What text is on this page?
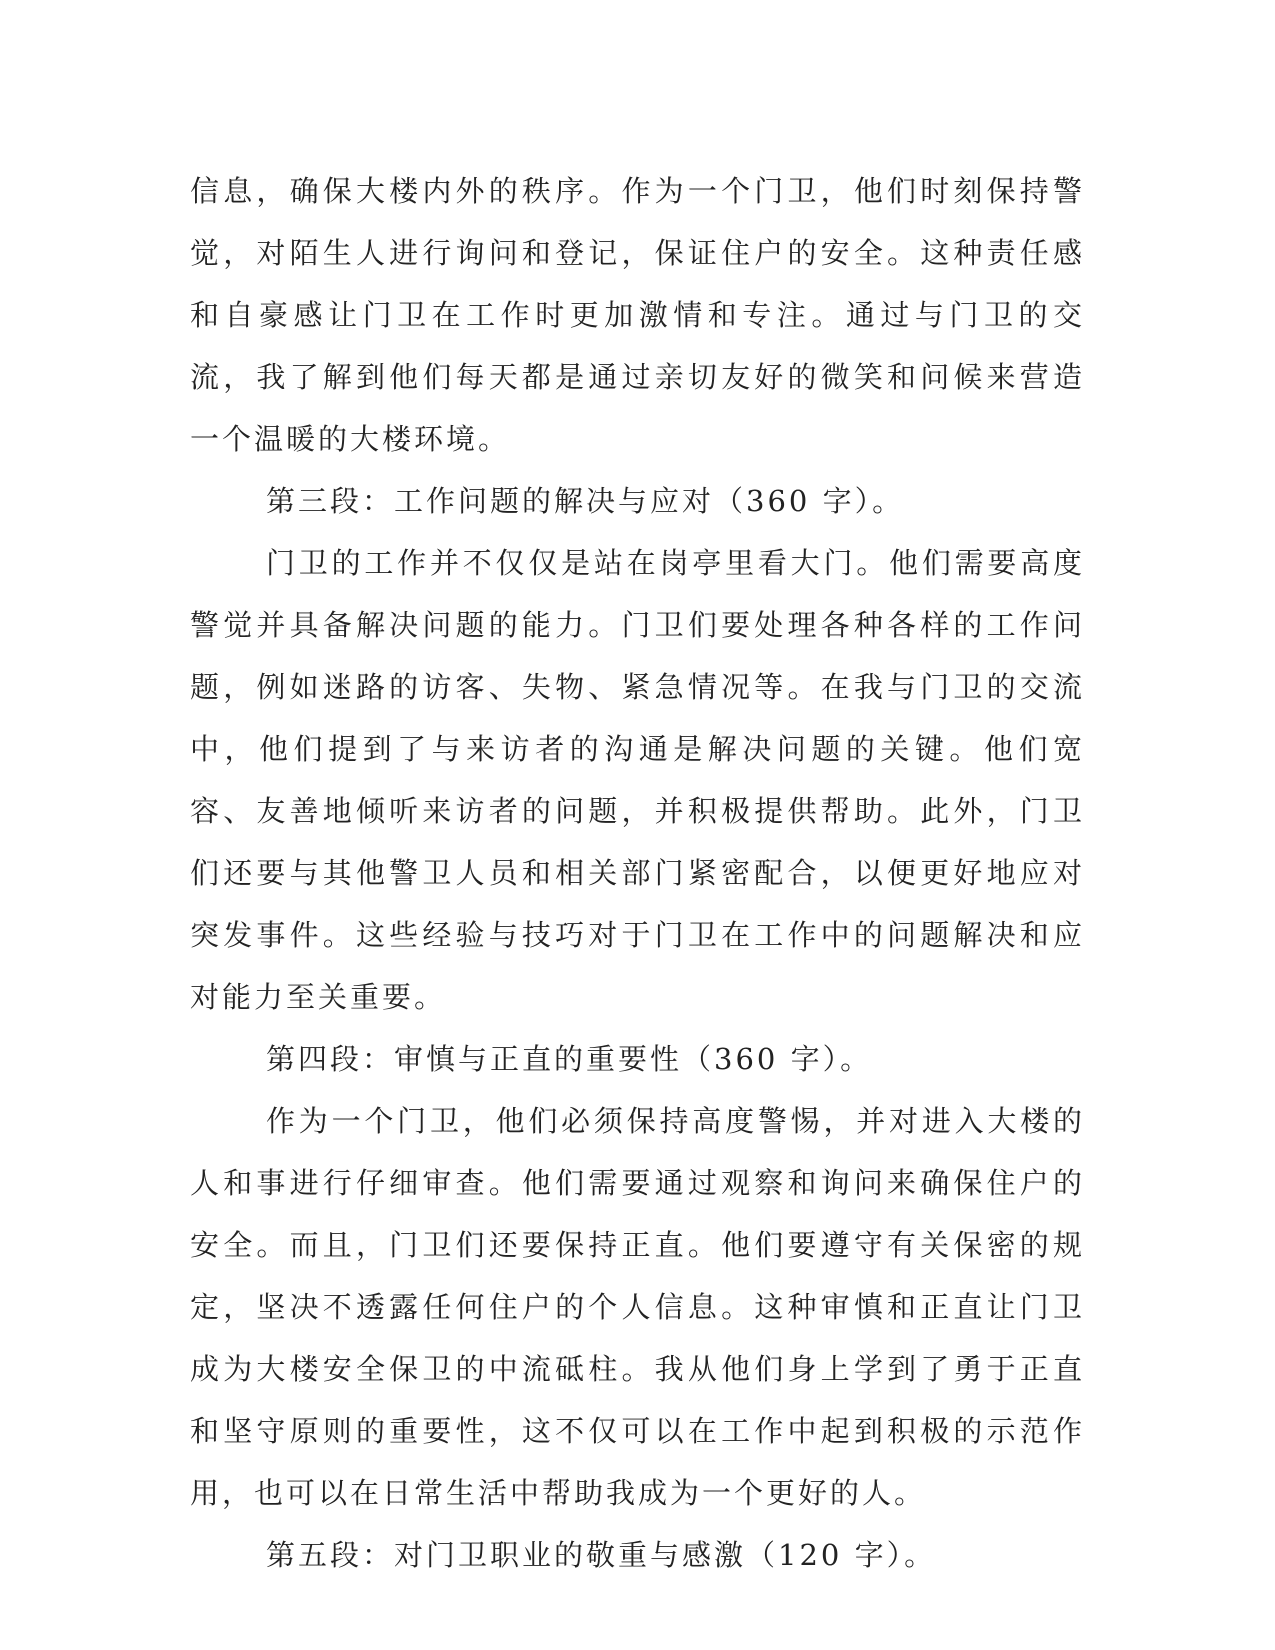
信息，确保大楼内外的秩序。作为一个门卫，他们时刻保持警觉，对陌生人进行询问和登记，保证住户的安全。这种责任感和自豪感让门卫在工作时更加激情和专注。通过与门卫的交流，我了解到他们每天都是通过亲切友好的微笑和问候来营造一个温暖的大楼环境。

第三段：工作问题的解决与应对（360 字）。

门卫的工作并不仅仅是站在岗亭里看大门。他们需要高度警觉并具备解决问题的能力。门卫们要处理各种各样的工作问题，例如迷路的访客、失物、紧急情况等。在我与门卫的交流中，他们提到了与来访者的沟通是解决问题的关键。他们宽容、友善地倾听来访者的问题，并积极提供帮助。此外，门卫们还要与其他警卫人员和相关部门紧密配合，以便更好地应对突发事件。这些经验与技巧对于门卫在工作中的问题解决和应对能力至关重要。

第四段：审慎与正直的重要性（360 字）。

作为一个门卫，他们必须保持高度警惕，并对进入大楼的人和事进行仔细审查。他们需要通过观察和询问来确保住户的安全。而且，门卫们还要保持正直。他们要遵守有关保密的规定，坚决不透露任何住户的个人信息。这种审慎和正直让门卫成为大楼安全保卫的中流砥柱。我从他们身上学到了勇于正直和坚守原则的重要性，这不仅可以在工作中起到积极的示范作用，也可以在日常生活中帮助我成为一个更好的人。

第五段：对门卫职业的敬重与感激（120 字）。
